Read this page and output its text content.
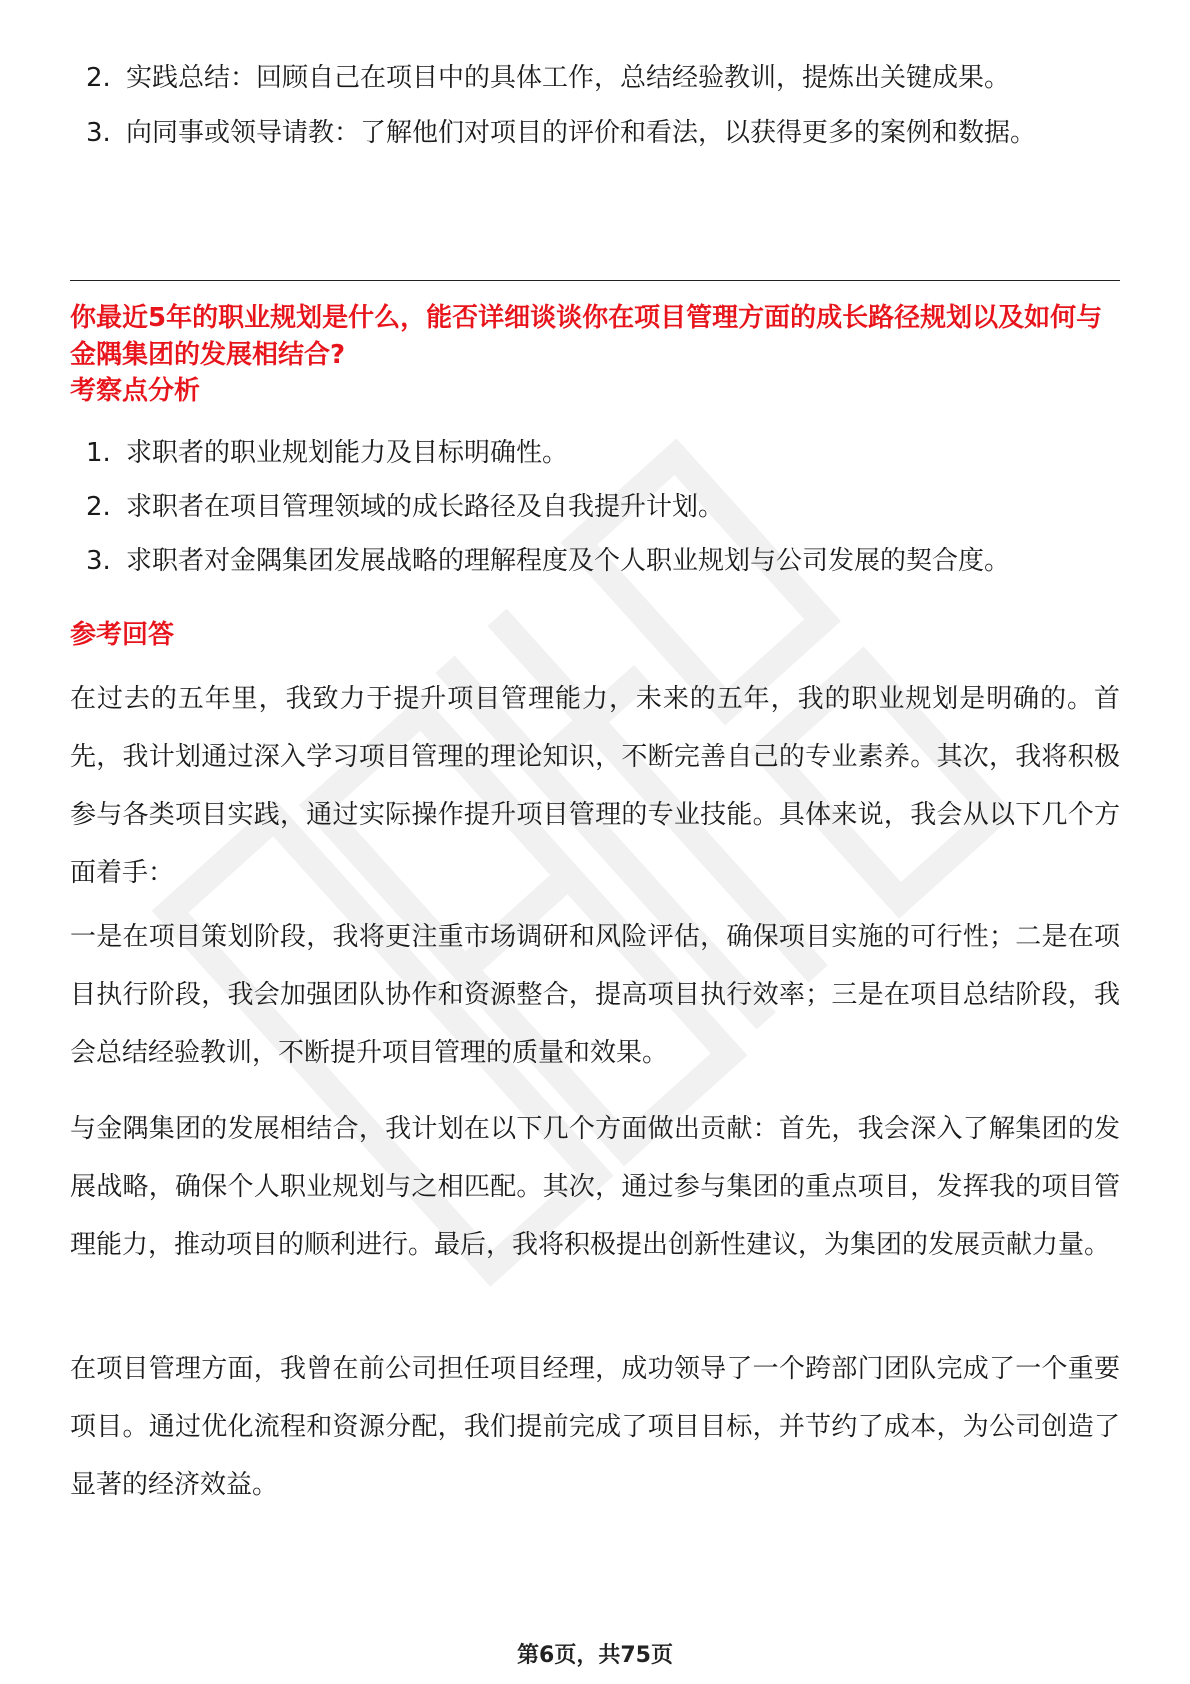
2. 实践总结：回顾自己在项目中的具体工作，总结经验教训，提炼出关键成果。
3. 向同事或领导请教：了解他们对项目的评价和看法，以获得更多的案例和数据。
你最近5年的职业规划是什么，能否详细谈谈你在项目管理方面的成长路径规划以及如何与金隅集团的发展相结合?
考察点分析
1. 求职者的职业规划能力及目标明确性。
2. 求职者在项目管理领域的成长路径及自我提升计划。
3. 求职者对金隅集团发展战略的理解程度及个人职业规划与公司发展的契合度。
参考回答
在过去的五年里，我致力于提升项目管理能力，未来的五年，我的职业规划是明确的。首先，我计划通过深入学习项目管理的理论知识，不断完善自己的专业素养。其次，我将积极参与各类项目实践，通过实际操作提升项目管理的专业技能。具体来说，我会从以下几个方面着手：
一是在项目策划阶段，我将更注重市场调研和风险评估，确保项目实施的可行性；二是在项目执行阶段，我会加强团队协作和资源整合，提高项目执行效率；三是在项目总结阶段，我会总结经验教训，不断提升项目管理的质量和效果。
与金隅集团的发展相结合，我计划在以下几个方面做出贡献：首先，我会深入了解集团的发展战略，确保个人职业规划与之相匹配。其次，通过参与集团的重点项目，发挥我的项目管理能力，推动项目的顺利进行。最后，我将积极提出创新性建议，为集团的发展贡献力量。
在项目管理方面，我曾在前公司担任项目经理，成功领导了一个跨部门团队完成了一个重要项目。通过优化流程和资源分配，我们提前完成了项目目标，并节约了成本，为公司创造了显著的经济效益。
第6页，共75页
